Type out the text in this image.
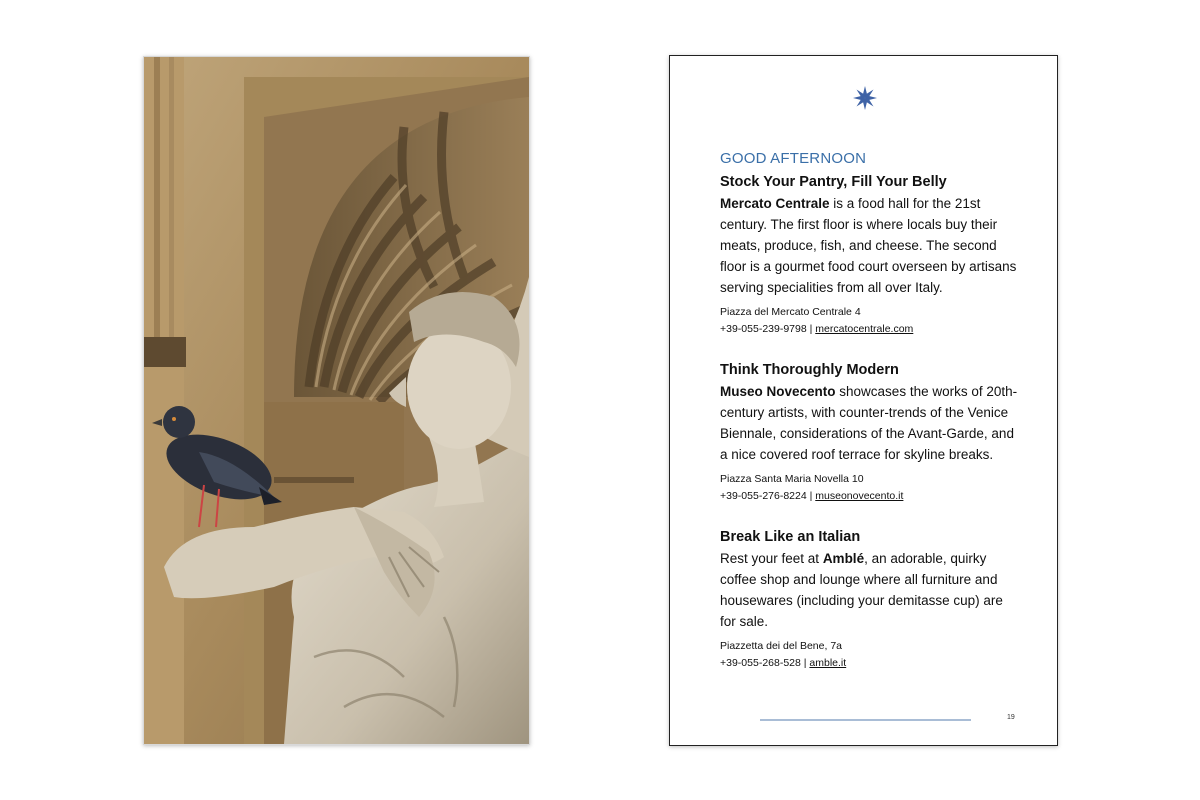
GOOD AFTERNOON
Stock Your Pantry, Fill Your Belly
Mercato Centrale is a food hall for the 21st century. The first floor is where locals buy their meats, produce, fish, and cheese. The second floor is a gourmet food court overseen by artisans serving specialities from all over Italy.
Piazza del Mercato Centrale 4
+39-055-239-9798 | mercatocentrale.com
Think Thoroughly Modern
Museo Novecento showcases the works of 20th-century artists, with counter-trends of the Venice Biennale, considerations of the Avant-Garde, and a nice covered roof terrace for skyline breaks.
Piazza Santa Maria Novella 10
+39-055-276-8224 | museonovecento.it
Break Like an Italian
Rest your feet at Amblé, an adorable, quirky coffee shop and lounge where all furniture and housewares (including your demitasse cup) are for sale.
Piazzetta dei del Bene, 7a
+39-055-268-528 | amble.it
19
